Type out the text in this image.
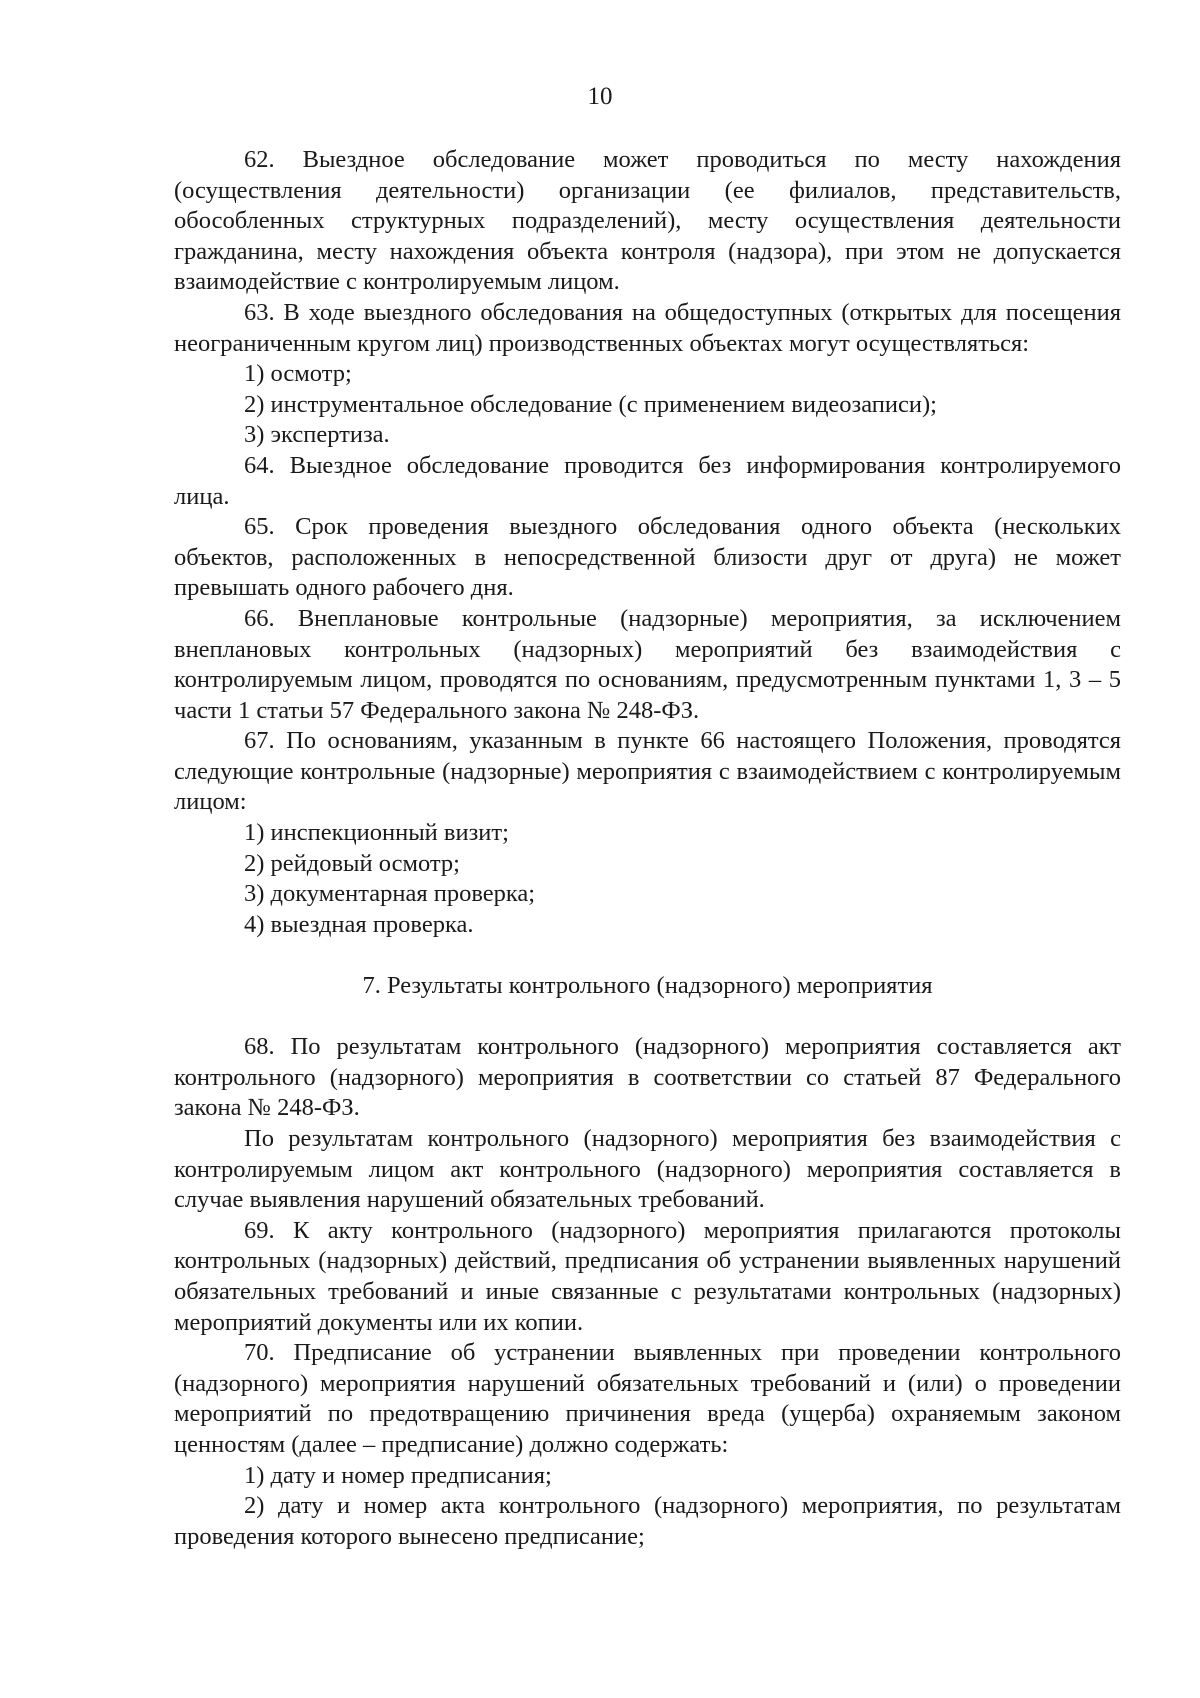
10

62. Выездное обследование может проводиться по месту нахождения (осуществления деятельности) организации (ее филиалов, представительств, обособленных структурных подразделений), месту осуществления деятельности гражданина, месту нахождения объекта контроля (надзора), при этом не допускается взаимодействие с контролируемым лицом.

63. В ходе выездного обследования на общедоступных (открытых для посещения неограниченным кругом лиц) производственных объектах могут осуществляться:

1) осмотр;

2) инструментальное обследование (с применением видеозаписи);

3) экспертиза.

64. Выездное обследование проводится без информирования контролируемого лица.

65. Срок проведения выездного обследования одного объекта (нескольких объектов, расположенных в непосредственной близости друг от друга) не может превышать одного рабочего дня.

66. Внеплановые контрольные (надзорные) мероприятия, за исключением внеплановых контрольных (надзорных) мероприятий без взаимодействия с контролируемым лицом, проводятся по основаниям, предусмотренным пунктами 1, 3 – 5 части 1 статьи 57 Федерального закона № 248-ФЗ.

67. По основаниям, указанным в пункте 66 настоящего Положения, проводятся следующие контрольные (надзорные) мероприятия с взаимодействием с контролируемым лицом:

1) инспекционный визит;

2) рейдовый осмотр;

3) документарная проверка;

4) выездная проверка.

7. Результаты контрольного (надзорного) мероприятия

68. По результатам контрольного (надзорного) мероприятия составляется акт контрольного (надзорного) мероприятия в соответствии со статьей 87 Федерального закона № 248-ФЗ.

По результатам контрольного (надзорного) мероприятия без взаимодействия с контролируемым лицом акт контрольного (надзорного) мероприятия составляется в случае выявления нарушений обязательных требований.

69. К акту контрольного (надзорного) мероприятия прилагаются протоколы контрольных (надзорных) действий, предписания об устранении выявленных нарушений обязательных требований и иные связанные с результатами контрольных (надзорных) мероприятий документы или их копии.

70. Предписание об устранении выявленных при проведении контрольного (надзорного) мероприятия нарушений обязательных требований и (или) о проведении мероприятий по предотвращению причинения вреда (ущерба) охраняемым законом ценностям (далее – предписание) должно содержать:

1) дату и номер предписания;

2) дату и номер акта контрольного (надзорного) мероприятия, по результатам проведения которого вынесено предписание;
